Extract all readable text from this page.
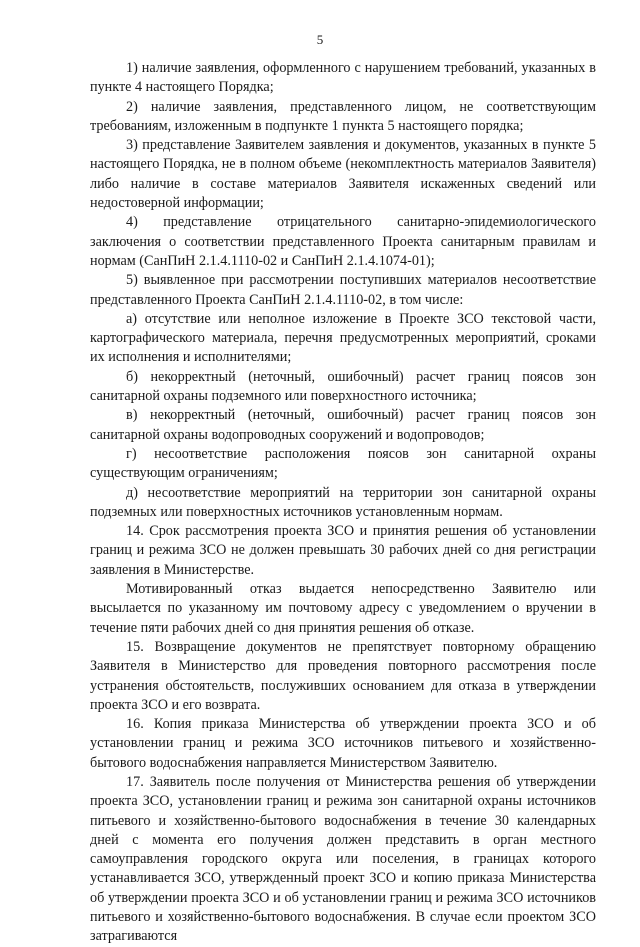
5

1) наличие заявления, оформленного с нарушением требований, указанных в пункте 4 настоящего Порядка;

2) наличие заявления, представленного лицом, не соответствующим требованиям, изложенным в подпункте 1 пункта 5 настоящего порядка;

3) представление Заявителем заявления и документов, указанных в пункте 5 настоящего Порядка, не в полном объеме (некомплектность материалов Заявителя) либо наличие в составе материалов Заявителя искаженных сведений или недостоверной информации;

4) представление отрицательного санитарно-эпидемиологического заключения о соответствии представленного Проекта санитарным правилам и нормам (СанПиН 2.1.4.1110-02 и СанПиН 2.1.4.1074-01);

5) выявленное при рассмотрении поступивших материалов несоответствие представленного Проекта СанПиН 2.1.4.1110-02, в том числе:

а) отсутствие или неполное изложение в Проекте ЗСО текстовой части, картографического материала, перечня предусмотренных мероприятий, сроками их исполнения и исполнителями;

б) некорректный (неточный, ошибочный) расчет границ поясов зон санитарной охраны подземного или поверхностного источника;

в) некорректный (неточный, ошибочный) расчет границ поясов зон санитарной охраны водопроводных сооружений и водопроводов;

г) несоответствие расположения поясов зон санитарной охраны существующим ограничениям;

д) несоответствие мероприятий на территории зон санитарной охраны подземных или поверхностных источников установленным нормам.

14. Срок рассмотрения проекта ЗСО и принятия решения об установлении границ и режима ЗСО не должен превышать 30 рабочих дней со дня регистрации заявления в Министерстве.

Мотивированный отказ выдается непосредственно Заявителю или высылается по указанному им почтовому адресу с уведомлением о вручении в течение пяти рабочих дней со дня принятия решения об отказе.

15. Возвращение документов не препятствует повторному обращению Заявителя в Министерство для проведения повторного рассмотрения после устранения обстоятельств, послуживших основанием для отказа в утверждении проекта ЗСО и его возврата.

16. Копия приказа Министерства об утверждении проекта ЗСО и об установлении границ и режима ЗСО источников питьевого и хозяйственно-бытового водоснабжения направляется Министерством Заявителю.

17. Заявитель после получения от Министерства решения об утверждении проекта ЗСО, установлении границ и режима зон санитарной охраны источников питьевого и хозяйственно-бытового водоснабжения в течение 30 календарных дней с момента его получения должен представить в орган местного самоуправления городского округа или поселения, в границах которого устанавливается ЗСО, утвержденный проект ЗСО и копию приказа Министерства об утверждении проекта ЗСО и об установлении границ и режима ЗСО источников питьевого и хозяйственно-бытового водоснабжения. В случае если проектом ЗСО затрагиваются
